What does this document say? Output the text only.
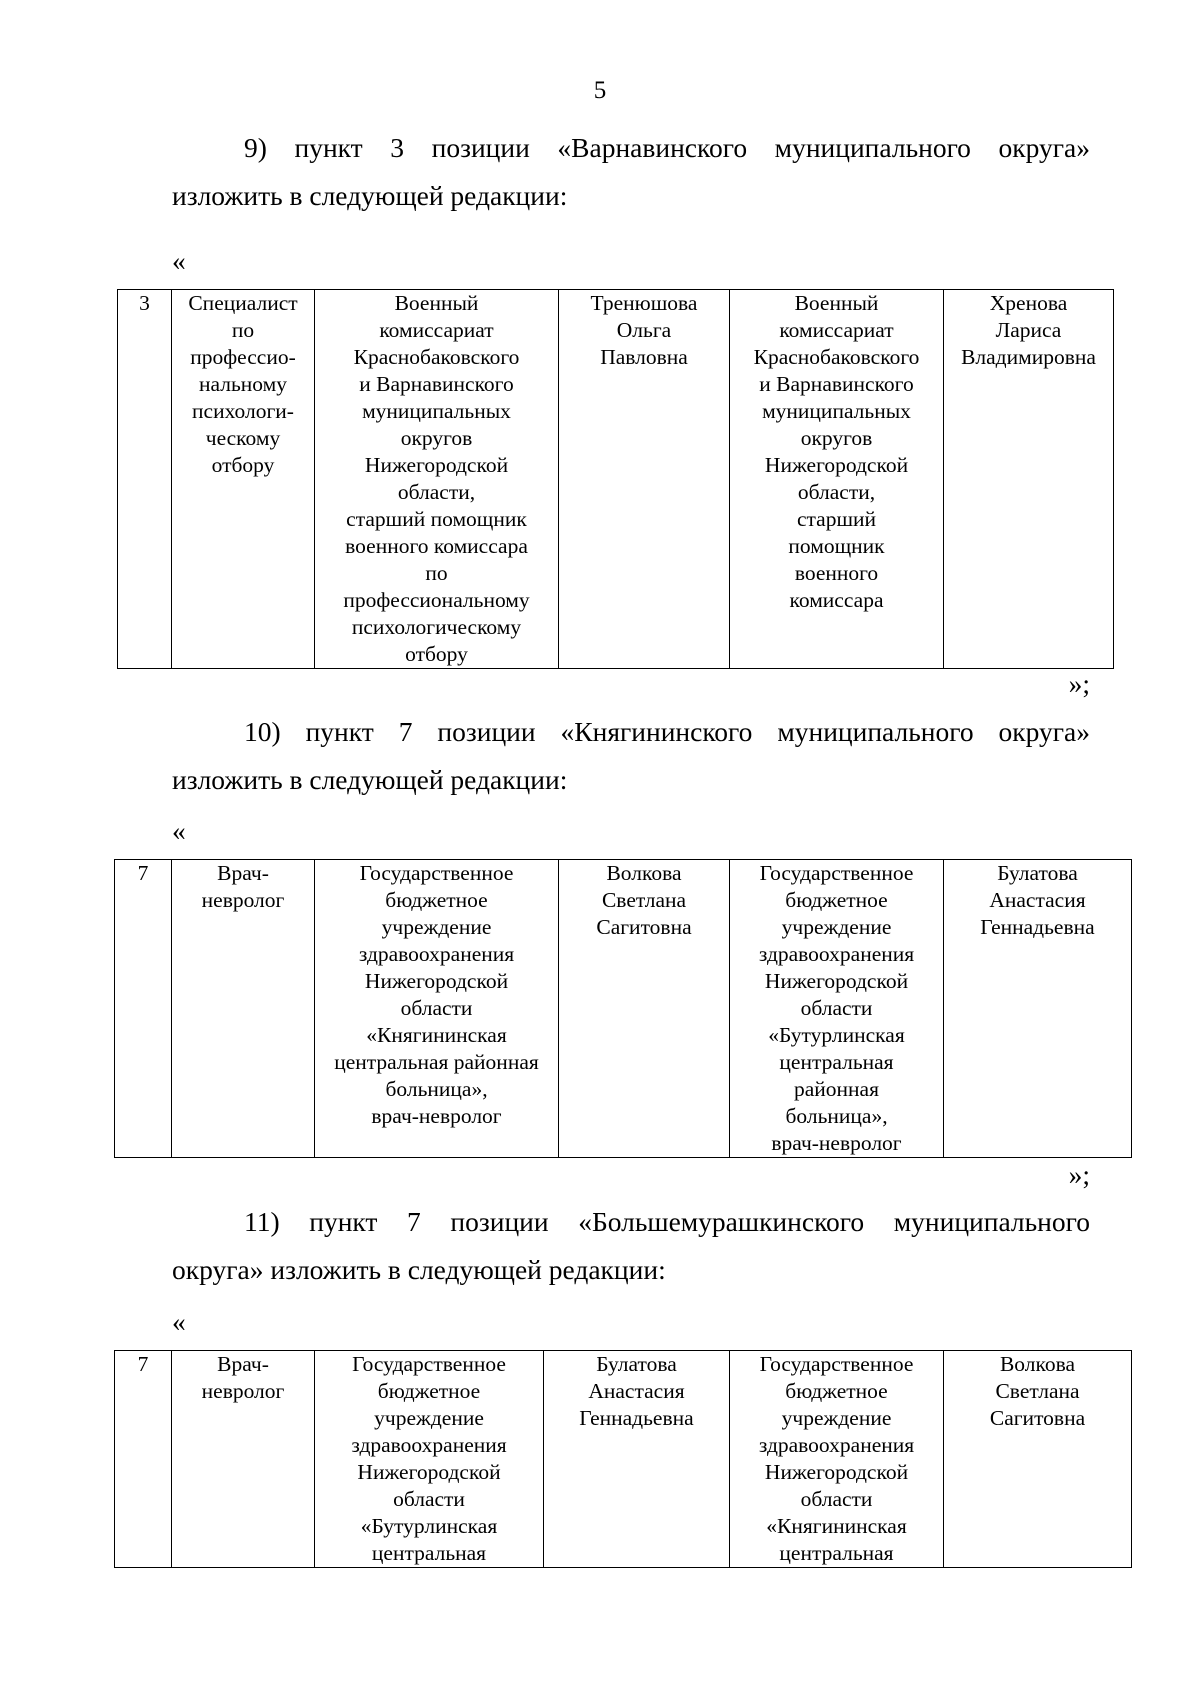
5

9) пункт 3 позиции «Варнавинского муниципального округа»
изложить в следующей редакции:

«
3	Специалист
по
профессио-
нальному
психологи-
ческому
отбору	Военный
комиссариат
Краснобаковского
и Варнавинского
муниципальных
округов
Нижегородской
области,
старший помощник
военного комиссара
по
профессиональному
психологическому
отбору	Тренюшова
Ольга
Павловна	Военный
комиссариат
Краснобаковского
и Варнавинского
муниципальных
округов
Нижегородской
области,
старший
помощник
военного
комиссара	Хренова
Лариса
Владимировна
»;

10) пункт 7 позиции «Княгининского муниципального округа»
изложить в следующей редакции:

«
7	Врач-
невролог	Государственное
бюджетное
учреждение
здравоохранения
Нижегородской
области
«Княгининская
центральная районная
больница»,
врач-невролог	Волкова
Светлана
Сагитовна	Государственное
бюджетное
учреждение
здравоохранения
Нижегородской
области
«Бутурлинская
центральная
районная
больница»,
врач-невролог	Булатова
Анастасия
Геннадьевна
»;

11) пункт 7 позиции «Большемурашкинского муниципального
округа» изложить в следующей редакции:

«
7	Врач-
невролог	Государственное
бюджетное
учреждение
здравоохранения
Нижегородской
области
«Бутурлинская
центральная	Булатова
Анастасия
Геннадьевна	Государственное
бюджетное
учреждение
здравоохранения
Нижегородской
области
«Княгининская
центральная	Волкова
Светлана
Сагитовна
